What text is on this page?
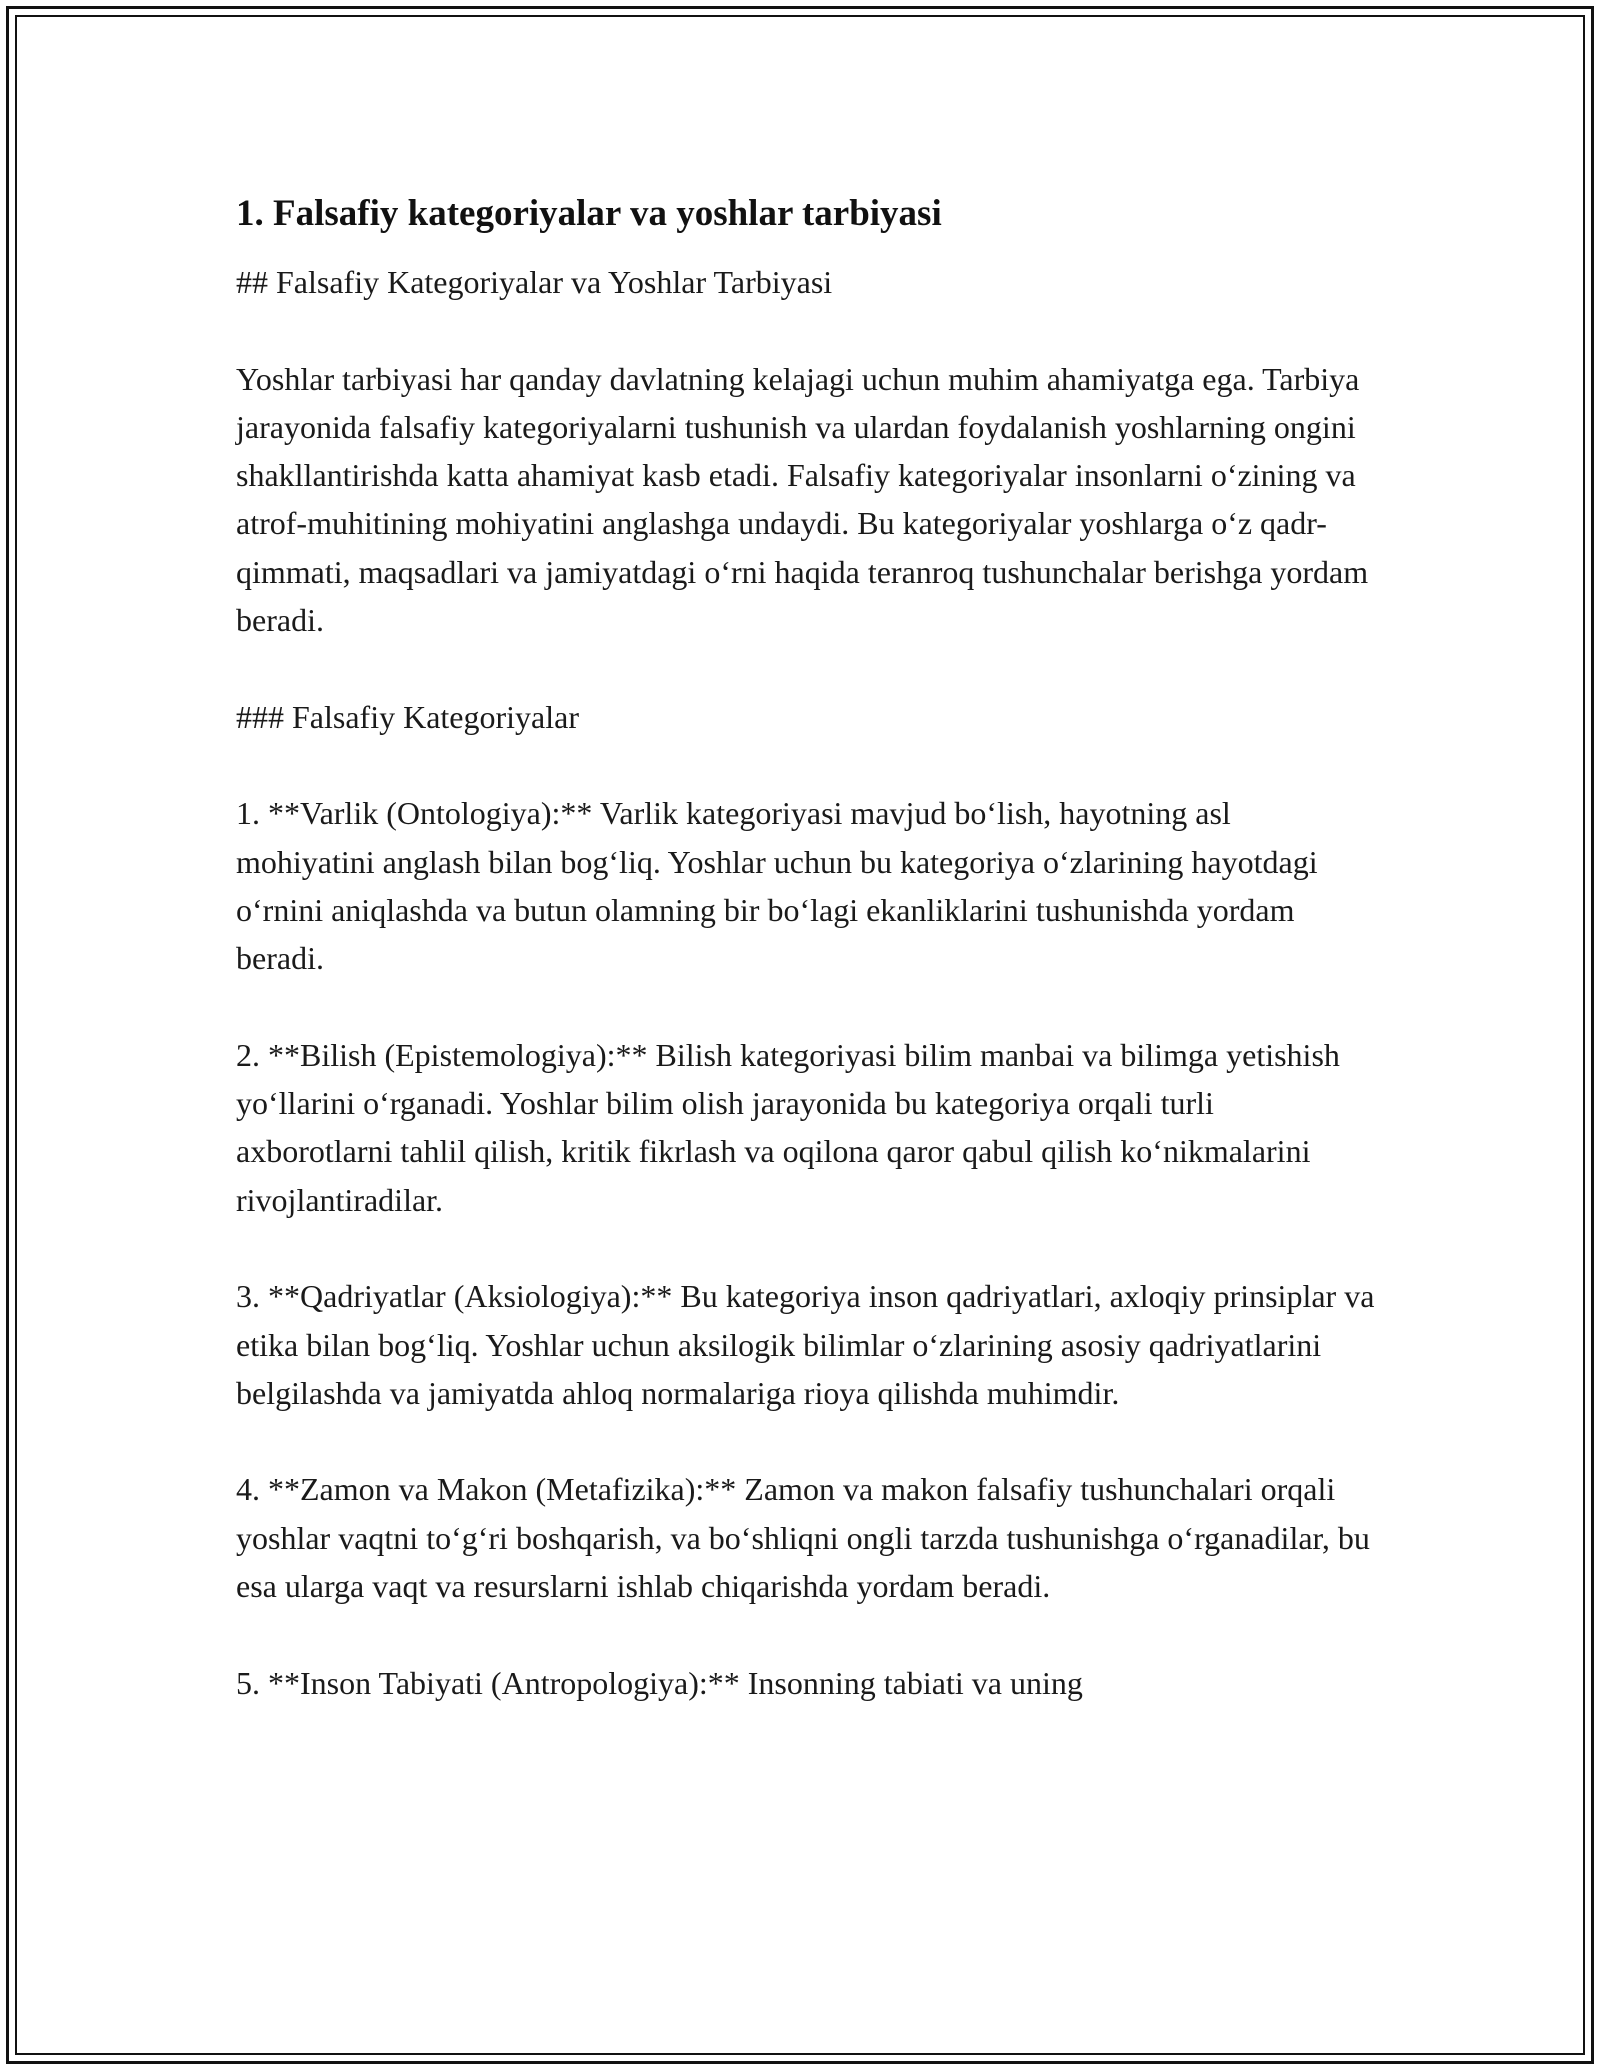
1. Falsafiy kategoriyalar va yoshlar tarbiyasi

## Falsafiy Kategoriyalar va Yoshlar Tarbiyasi

Yoshlar tarbiyasi har qanday davlatning kelajagi uchun muhim ahamiyatga ega. Tarbiya jarayonida falsafiy kategoriyalarni tushunish va ulardan foydalanish yoshlarning ongini shakllantirishda katta ahamiyat kasb etadi. Falsafiy kategoriyalar insonlarni o‘zining va atrof-muhitining mohiyatini anglashga undaydi. Bu kategoriyalar yoshlarga o‘z qadr-qimmati, maqsadlari va jamiyatdagi o‘rni haqida teranroq tushunchalar berishga yordam beradi.

### Falsafiy Kategoriyalar

1. **Varlik (Ontologiya):** Varlik kategoriyasi mavjud bo‘lish, hayotning asl mohiyatini anglash bilan bog‘liq. Yoshlar uchun bu kategoriya o‘zlarining hayotdagi o‘rnini aniqlashda va butun olamning bir bo‘lagi ekanliklarini tushunishda yordam beradi.

2. **Bilish (Epistemologiya):** Bilish kategoriyasi bilim manbai va bilimga yetishish yo‘llarini o‘rganadi. Yoshlar bilim olish jarayonida bu kategoriya orqali turli axborotlarni tahlil qilish, kritik fikrlash va oqilona qaror qabul qilish ko‘nikmalarini rivojlantiradilar.

3. **Qadriyatlar (Aksiologiya):** Bu kategoriya inson qadriyatlari, axloqiy prinsiplar va etika bilan bog‘liq. Yoshlar uchun aksilogik bilimlar o‘zlarining asosiy qadriyatlarini belgilashda va jamiyatda ahloq normalariga rioya qilishda muhimdir.

4. **Zamon va Makon (Metafizika):** Zamon va makon falsafiy tushunchalari orqali yoshlar vaqtni to‘g‘ri boshqarish, va bo‘shliqni ongli tarzda tushunishga o‘rganadilar, bu esa ularga vaqt va resurslarni ishlab chiqarishda yordam beradi.

5. **Inson Tabiyati (Antropologiya):** Insonning tabiati va uning
